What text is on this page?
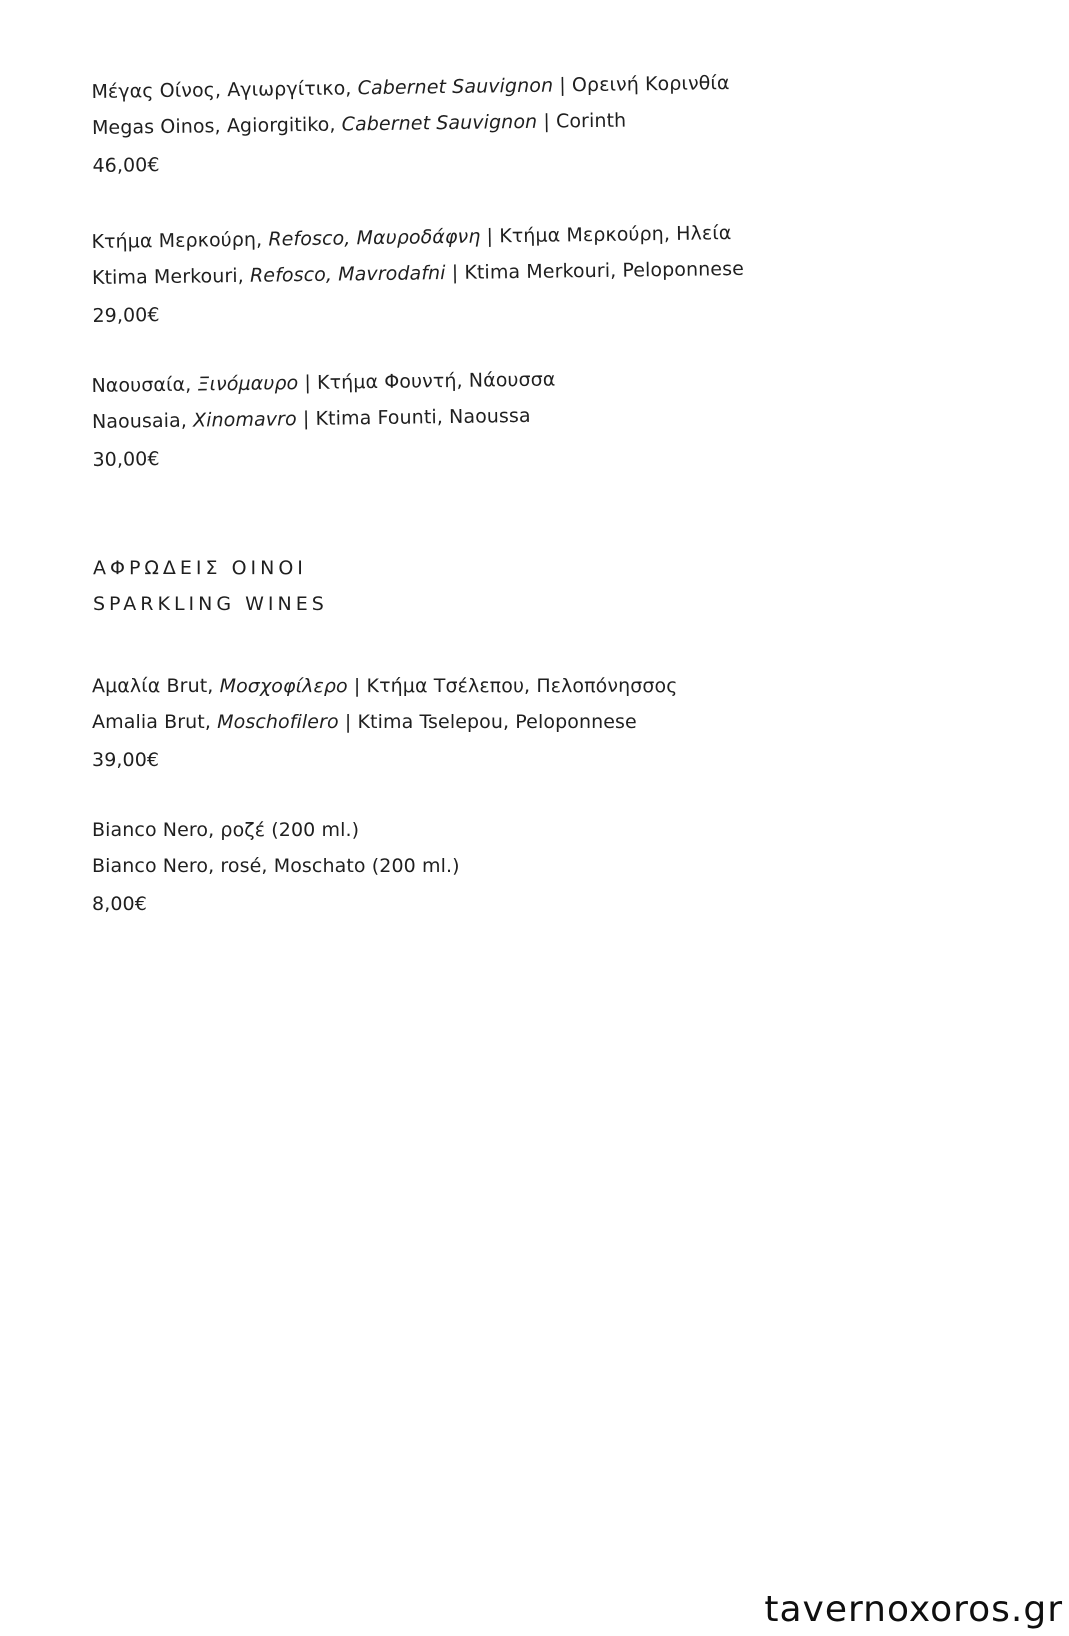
Μέγας Οίνος, Αγιωργίτικο, Cabernet Sauvignon | Ορεινή Κορινθία
Megas Oinos, Agiorgitiko, Cabernet Sauvignon | Corinth
46,00€
Κτήμα Μερκούρη, Refosco, Μαυροδάφνη | Κτήμα Μερκούρη, Ηλεία
Ktima Merkouri, Refosco, Mavrodafni | Ktima Merkouri, Peloponnese
29,00€
Ναουσαία, Ξινόμαυρο | Κτήμα Φουντή, Νάουσσα
Naousaia, Xinomavro | Ktima Founti, Naoussa
30,00€
ΑΦΡΩΔΕΙΣ ΟΙΝΟΙ
SPARKLING WINES
Αμαλία Brut, Μοσχοφίλερο | Κτήμα Τσέλεπου, Πελοπόνησσος
Amalia Brut, Moschofilero | Ktima Tselepou, Peloponnese
39,00€
Bianco Nero, ροζέ (200 ml.)
Bianco Nero, rosé, Moschato (200 ml.)
8,00€
tavernoxoros.gr
